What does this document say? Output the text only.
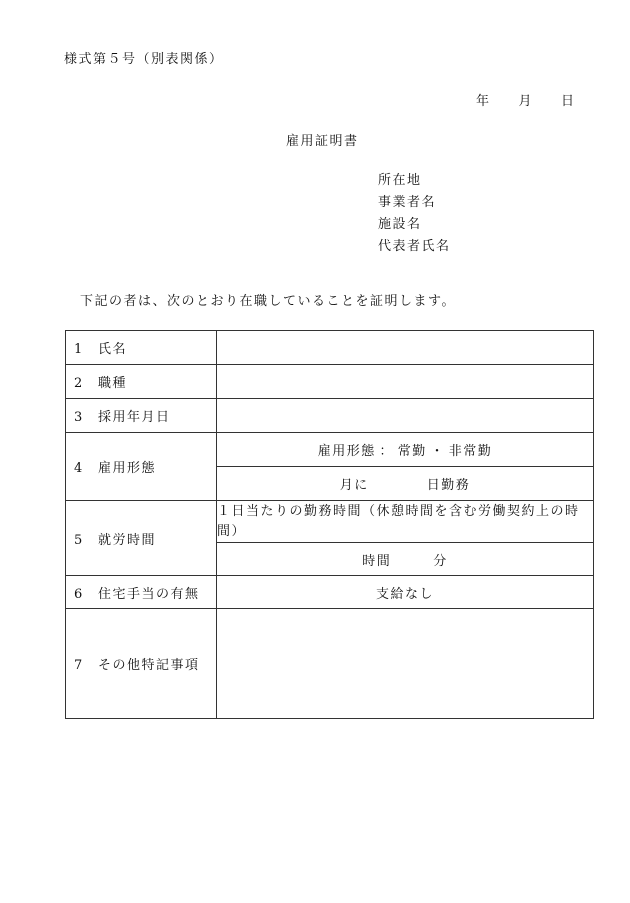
様式第５号（別表関係）
年 月 日
雇用証明書
所在地
事業者名
施設名
代表者氏名
下記の者は、次のとおり在職していることを証明します。
1 氏名	
2 職種	
3 採用年月日	
4 雇用形態	雇用形態 ： 常勤 ・ 非常勤
	月に 日勤務
5 就労時間	１日当たりの勤務時間（休憩時間を含む労働契約上の時間）
	時間 分
6 住宅手当の有無	支給なし
7 その他特記事項	
